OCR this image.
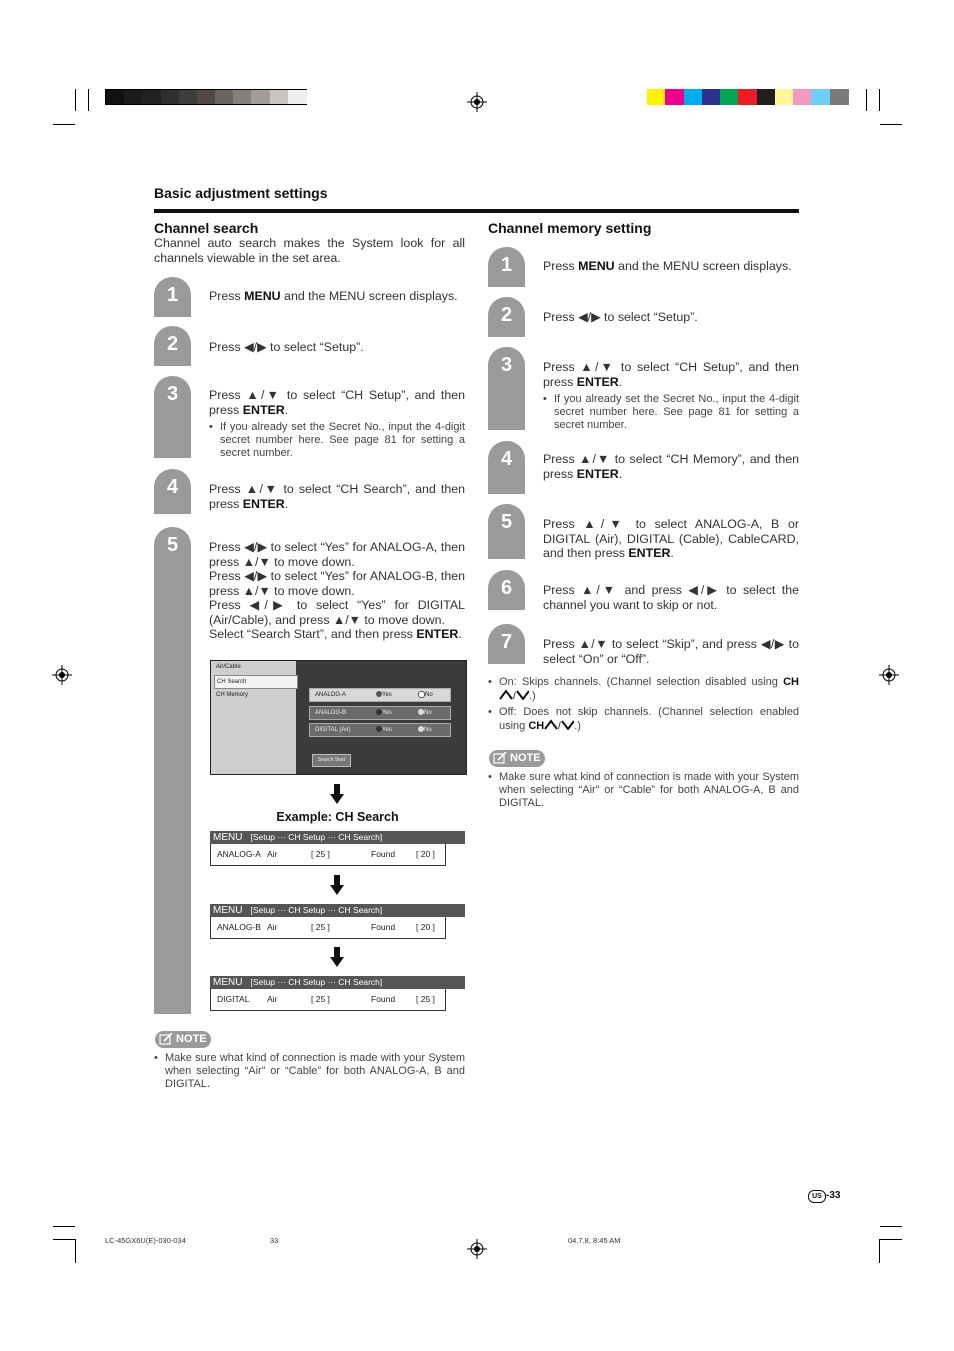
Basic adjustment settings
Channel search
Channel auto search makes the System look for all channels viewable in the set area.
1	Press MENU and the MENU screen displays.
2	Press ◀/▶ to select “Setup”.
3	Press ▲/▼ to select “CH Setup”, and then press ENTER.
• If you already set the Secret No., input the 4-digit secret number here. See page 81 for setting a secret number.
4	Press ▲/▼ to select “CH Search”, and then press ENTER.
5	Press ◀/▶ to select “Yes” for ANALOG-A, then press ▲/▼ to move down.
Press ◀/▶ to select “Yes” for ANALOG-B, then press ▲/▼ to move down.
Press ◀/▶ to select “Yes” for DIGITAL (Air/Cable), and press ▲/▼ to move down.
Select “Search Start”, and then press ENTER.
Air/Cable
CH Search
CH Memory	ANALOG-A	Yes	No
ANALOG-B	Yes	No
DIGITAL (Air)	Yes	No
Search Start
Example: CH Search
MENU [Setup ··· CH Setup ··· CH Search]
ANALOG-A Air	[ 25 ]	Found [ 20 ]
MENU [Setup ··· CH Setup ··· CH Search]
ANALOG-B Air	[ 25 ]	Found [ 20 ]
MENU [Setup ··· CH Setup ··· CH Search]
DIGITAL Air	[ 25 ]	Found [ 25 ]
NOTE
• Make sure what kind of connection is made with your System when selecting “Air” or “Cable” for both ANALOG-A, B and DIGITAL.
Channel memory setting
1	Press MENU and the MENU screen displays.
2	Press ◀/▶ to select “Setup”.
3	Press ▲/▼ to select “CH Setup”, and then press ENTER.
• If you already set the Secret No., input the 4-digit secret number here. See page 81 for setting a secret number.
4	Press ▲/▼ to select “CH Memory”, and then press ENTER.
5	Press ▲/▼ to select ANALOG-A, B or DIGITAL (Air), DIGITAL (Cable), CableCARD, and then press ENTER.
6	Press ▲/▼ and press ◀/▶ to select the channel you want to skip or not.
7	Press ▲/▼ to select “Skip”, and press ◀/▶ to select “On” or “Off”.
• On: Skips channels. (Channel selection disabled using CH
/ .)
• Off: Does not skip channels. (Channel selection enabled using CH / .)
NOTE
• Make sure what kind of connection is made with your System when selecting “Air” or “Cable” for both ANALOG-A, B and DIGITAL.
US -33
LC-45GX6U(E)-030-034	33	04.7.8, 8:45 AM
